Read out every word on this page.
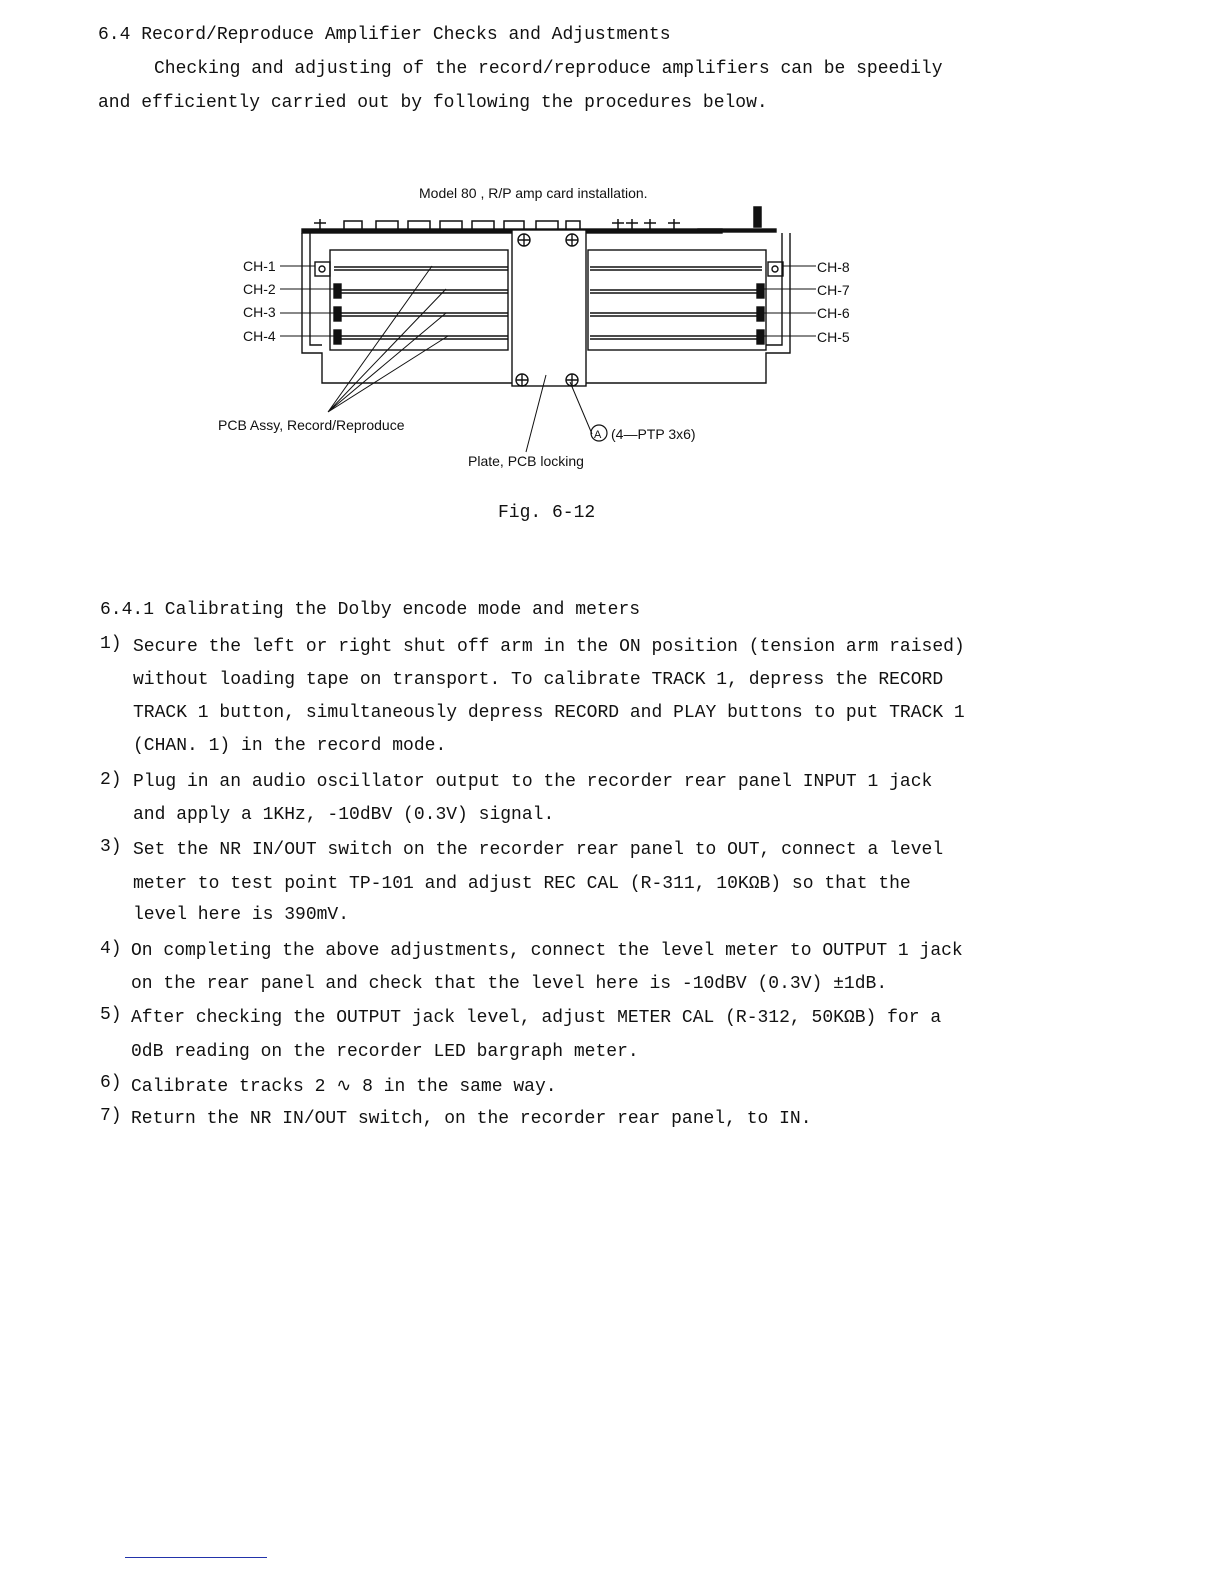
6.4 Record/Reproduce Amplifier Checks and Adjustments
Checking and adjusting of the record/reproduce amplifiers can be speedily
and efficiently carried out by following the procedures below.
Model 80 , R/P amp card installation.
CH-1
CH-2
CH-3
CH-4
CH-8
CH-7
CH-6
CH-5
PCB Assy, Record/Reproduce
A (4—PTP 3x6)
Plate, PCB locking
Fig. 6-12
6.4.1 Calibrating the Dolby encode mode and meters
1) Secure the left or right shut off arm in the ON position (tension arm raised)
without loading tape on transport. To calibrate TRACK 1, depress the RECORD
TRACK 1 button, simultaneously depress RECORD and PLAY buttons to put TRACK 1
(CHAN. 1) in the record mode.
2) Plug in an audio oscillator output to the recorder rear panel INPUT 1 jack
and apply a 1KHz, -10dBV (0.3V) signal.
3) Set the NR IN/OUT switch on the recorder rear panel to OUT, connect a level
meter to test point TP-101 and adjust REC CAL (R-311, 10KΩB) so that the
level here is 390mV.
4) On completing the above adjustments, connect the level meter to OUTPUT 1 jack
on the rear panel and check that the level here is -10dBV (0.3V) ±1dB.
5) After checking the OUTPUT jack level, adjust METER CAL (R-312, 50KΩB) for a
0dB reading on the recorder LED bargraph meter.
6) Calibrate tracks 2 ∿ 8 in the same way.
7) Return the NR IN/OUT switch, on the recorder rear panel, to IN.
